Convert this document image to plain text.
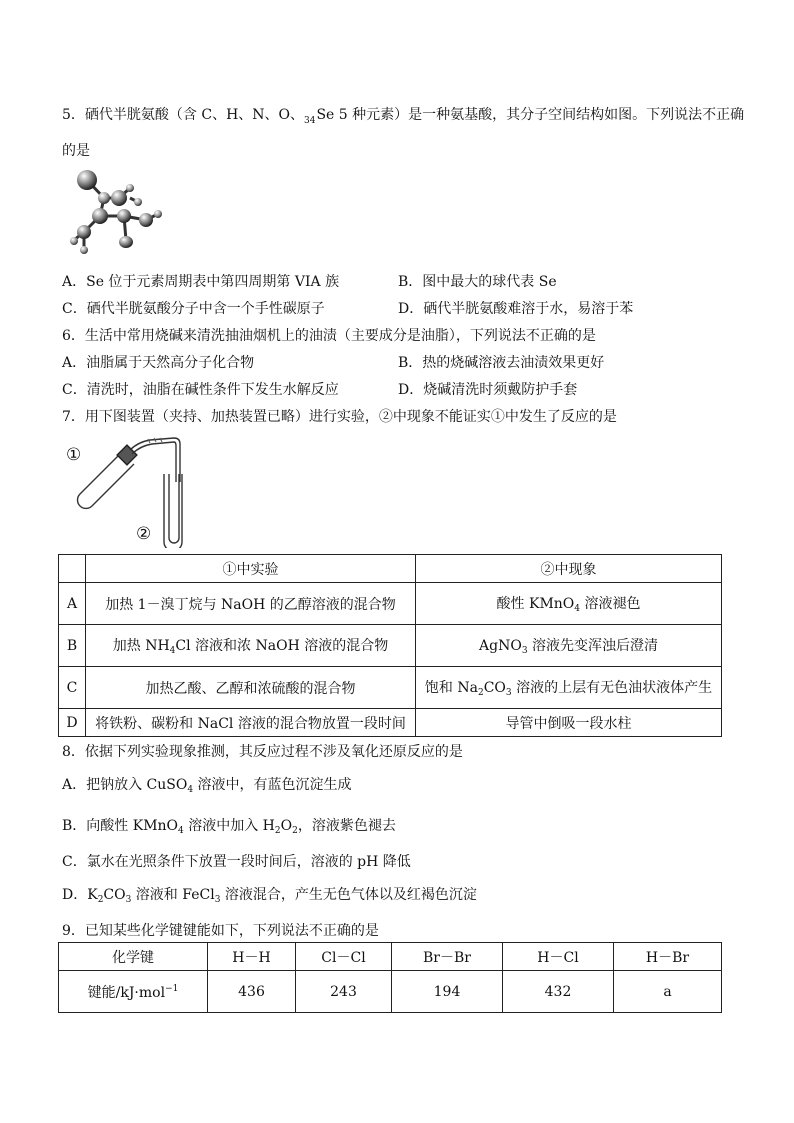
5．硒代半胱氨酸（含 C、H、N、O、$_{34}$Se 5 种元素）是一种氨基酸，其分子空间结构如图。下列说法不正确
的是
A．Se 位于元素周期表中第四周期第 VIA 族	B．图中最大的球代表 Se
C．硒代半胱氨酸分子中含一个手性碳原子	D．硒代半胱氨酸难溶于水，易溶于苯
6．生活中常用烧碱来清洗抽油烟机上的油渍（主要成分是油脂），下列说法不正确的是
A．油脂属于天然高分子化合物	B．热的烧碱溶液去油渍效果更好
C．清洗时，油脂在碱性条件下发生水解反应	D．烧碱清洗时须戴防护手套
7．用下图装置（夹持、加热装置已略）进行实验，②中现象不能证实①中发生了反应的是
①
②
	①中实验	②中现象
A	加热 1－溴丁烷与 NaOH 的乙醇溶液的混合物	酸性 KMnO$_4$ 溶液褪色
B	加热 $NH_4Cl$ 溶液和浓 NaOH 溶液的混合物	AgNO$_3$ 溶液先变浑浊后澄清
C	加热乙酸、乙醇和浓硫酸的混合物	饱和 $Na_2CO_3$ 溶液的上层有无色油状液体产生
D	将铁粉、碳粉和 NaCl 溶液的混合物放置一段时间	导管中倒吸一段水柱
8．依据下列实验现象推测，其反应过程不涉及氧化还原反应的是
A．把钠放入 CuSO$_4$ 溶液中，有蓝色沉淀生成
B．向酸性 KMnO$_4$ 溶液中加入 $H_2O_2$，溶液紫色褪去
C．氯水在光照条件下放置一段时间后，溶液的 pH 降低
D．$K_2CO_3$ 溶液和 FeCl$_3$ 溶液混合，产生无色气体以及红褐色沉淀
9．已知某些化学键键能如下，下列说法不正确的是
化学键	H－H	Cl－Cl	Br－Br	H－Cl	H－Br
键能/kJ·mol$^{-1}$	436	243	194	432	a
